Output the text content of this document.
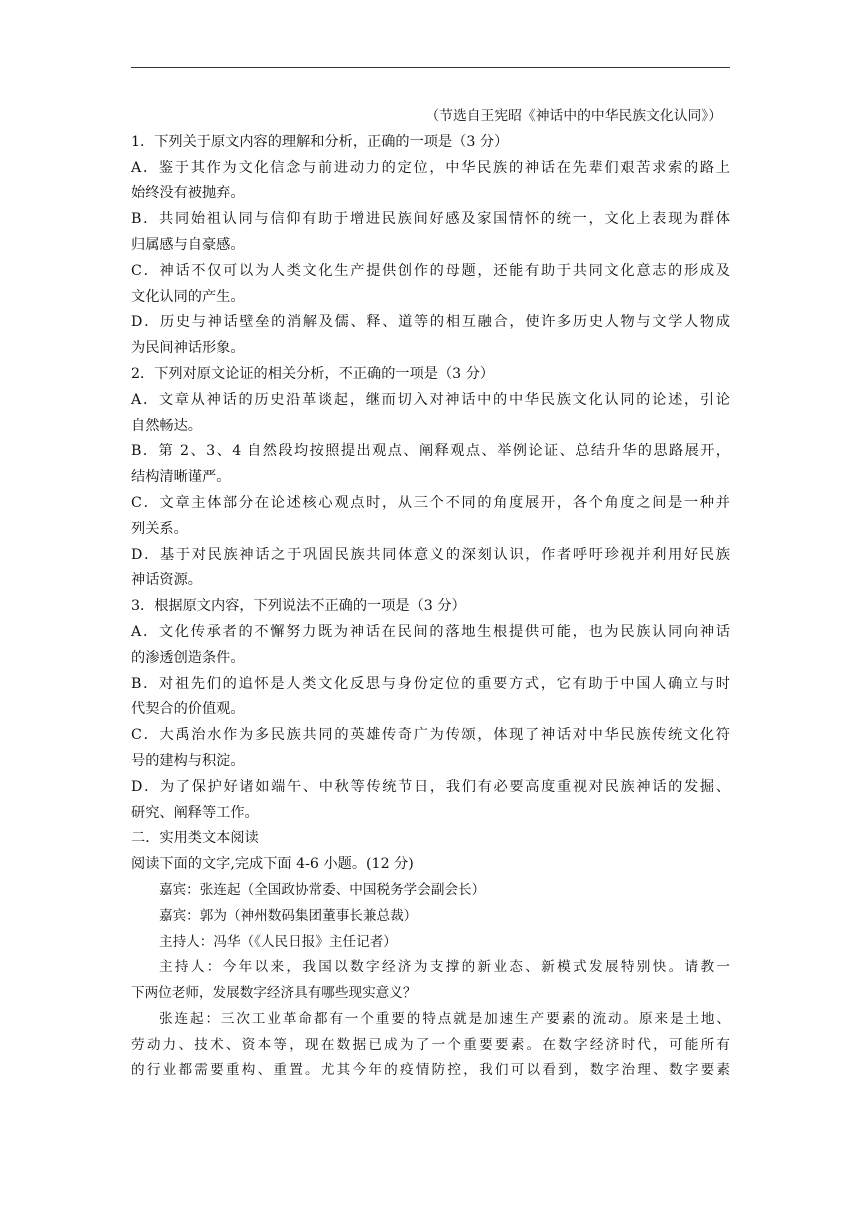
（节选自王宪昭《神话中的中华民族文化认同》）
1．下列关于原文内容的理解和分析，正确的一项是（3 分）
A．鉴于其作为文化信念与前进动力的定位，中华民族的神话在先辈们艰苦求索的路上
始终没有被抛弃。
B．共同始祖认同与信仰有助于增进民族间好感及家国情怀的统一，文化上表现为群体
归属感与自豪感。
C．神话不仅可以为人类文化生产提供创作的母题，还能有助于共同文化意志的形成及
文化认同的产生。
D．历史与神话壁垒的消解及儒、释、道等的相互融合，使许多历史人物与文学人物成
为民间神话形象。
2．下列对原文论证的相关分析，不正确的一项是（3 分）
A．文章从神话的历史沿革谈起，继而切入对神话中的中华民族文化认同的论述，引论
自然畅达。
B．第 2、3、4 自然段均按照提出观点、阐释观点、举例论证、总结升华的思路展开，
结构清晰谨严。
C．文章主体部分在论述核心观点时，从三个不同的角度展开，各个角度之间是一种并
列关系。
D．基于对民族神话之于巩固民族共同体意义的深刻认识，作者呼吁珍视并利用好民族
神话资源。
3．根据原文内容，下列说法不正确的一项是（3 分）
A．文化传承者的不懈努力既为神话在民间的落地生根提供可能，也为民族认同向神话
的渗透创造条件。
B．对祖先们的追怀是人类文化反思与身份定位的重要方式，它有助于中国人确立与时
代契合的价值观。
C．大禹治水作为多民族共同的英雄传奇广为传颂，体现了神话对中华民族传统文化符
号的建构与积淀。
D．为了保护好诸如端午、中秋等传统节日，我们有必要高度重视对民族神话的发掘、
研究、阐释等工作。
二．实用类文本阅读
阅读下面的文字,完成下面 4-6 小题。(12 分)
嘉宾：张连起（全国政协常委、中国税务学会副会长）
嘉宾：郭为（神州数码集团董事长兼总裁）
主持人：冯华（《人民日报》主任记者）
主持人：今年以来，我国以数字经济为支撑的新业态、新模式发展特别快。请教一
下两位老师，发展数字经济具有哪些现实意义？
张连起：三次工业革命都有一个重要的特点就是加速生产要素的流动。原来是土地、
劳动力、技术、资本等，现在数据已成为了一个重要要素。在数字经济时代，可能所有
的行业都需要重构、重置。尤其今年的疫情防控，我们可以看到，数字治理、数字要素
